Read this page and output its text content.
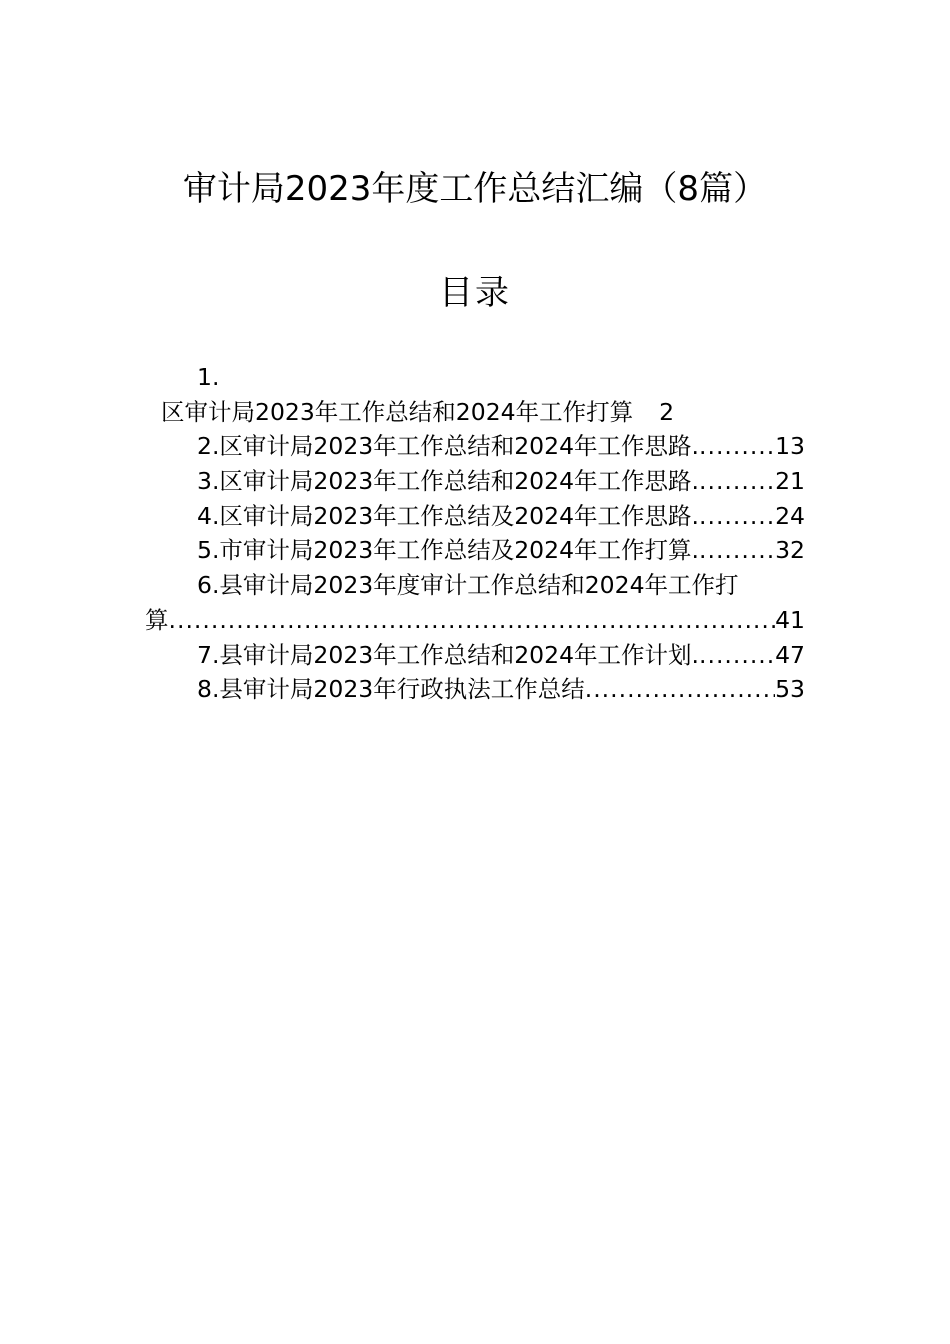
审计局2023年度工作总结汇编（8篇）
目录
1.
区审计局2023年工作总结和2024年工作打算 2
2.区审计局2023年工作总结和2024年工作思路. .....	13
3.区审计局2023年工作总结和2024年工作思路. .....	21
4.区审计局2023年工作总结及2024年工作思路. .....	24
5.市审计局2023年工作总结及2024年工作打算. .....	32
6.县审计局2023年度审计工作总结和2024年工作打
算 .....	41
7.县审计局2023年工作总结和2024年工作计划. .....	47
8.县审计局2023年行政执法工作总结 .....	53
